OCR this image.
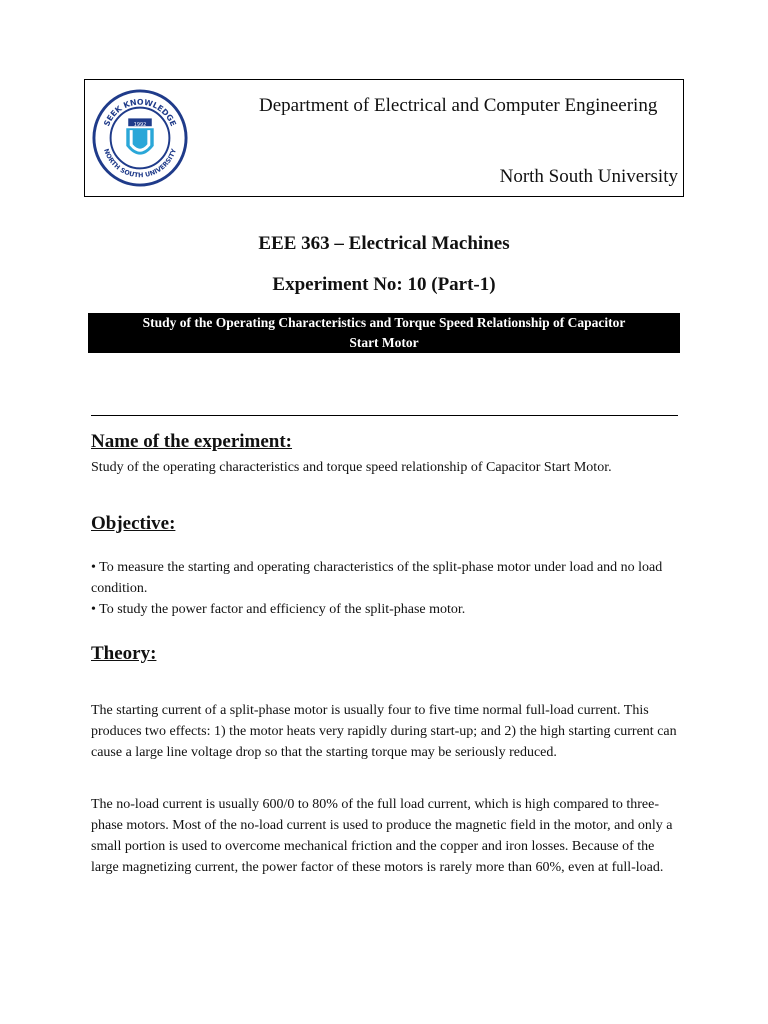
SEEK KNOWLEDGE
NORTH SOUTH UNIVERSITY
1992
Department of Electrical and Computer Engineering
North South University
EEE 363 – Electrical Machines
Experiment No: 10 (Part-1)
Study of the Operating Characteristics and Torque Speed Relationship of Capacitor
Start Motor
Name of the experiment:
Study of the operating characteristics and torque speed relationship of Capacitor Start Motor.
Objective:

• To measure the starting and operating characteristics of the split-phase motor under load and no load condition.

• To study the power factor and efficiency of the split-phase motor.

Theory:

The starting current of a split-phase motor is usually four to five time normal full-load current. This produces two effects: 1) the motor heats very rapidly during start-up; and 2) the high starting current can cause a large line voltage drop so that the starting torque may be seriously reduced.

The no-load current is usually 600/0 to 80% of the full load current, which is high compared to three-phase motors. Most of the no-load current is used to produce the magnetic field in the motor, and only a small portion is used to overcome mechanical friction and the copper and iron losses. Because of the large magnetizing current, the power factor of these motors is rarely more than 60%, even at full-load.
